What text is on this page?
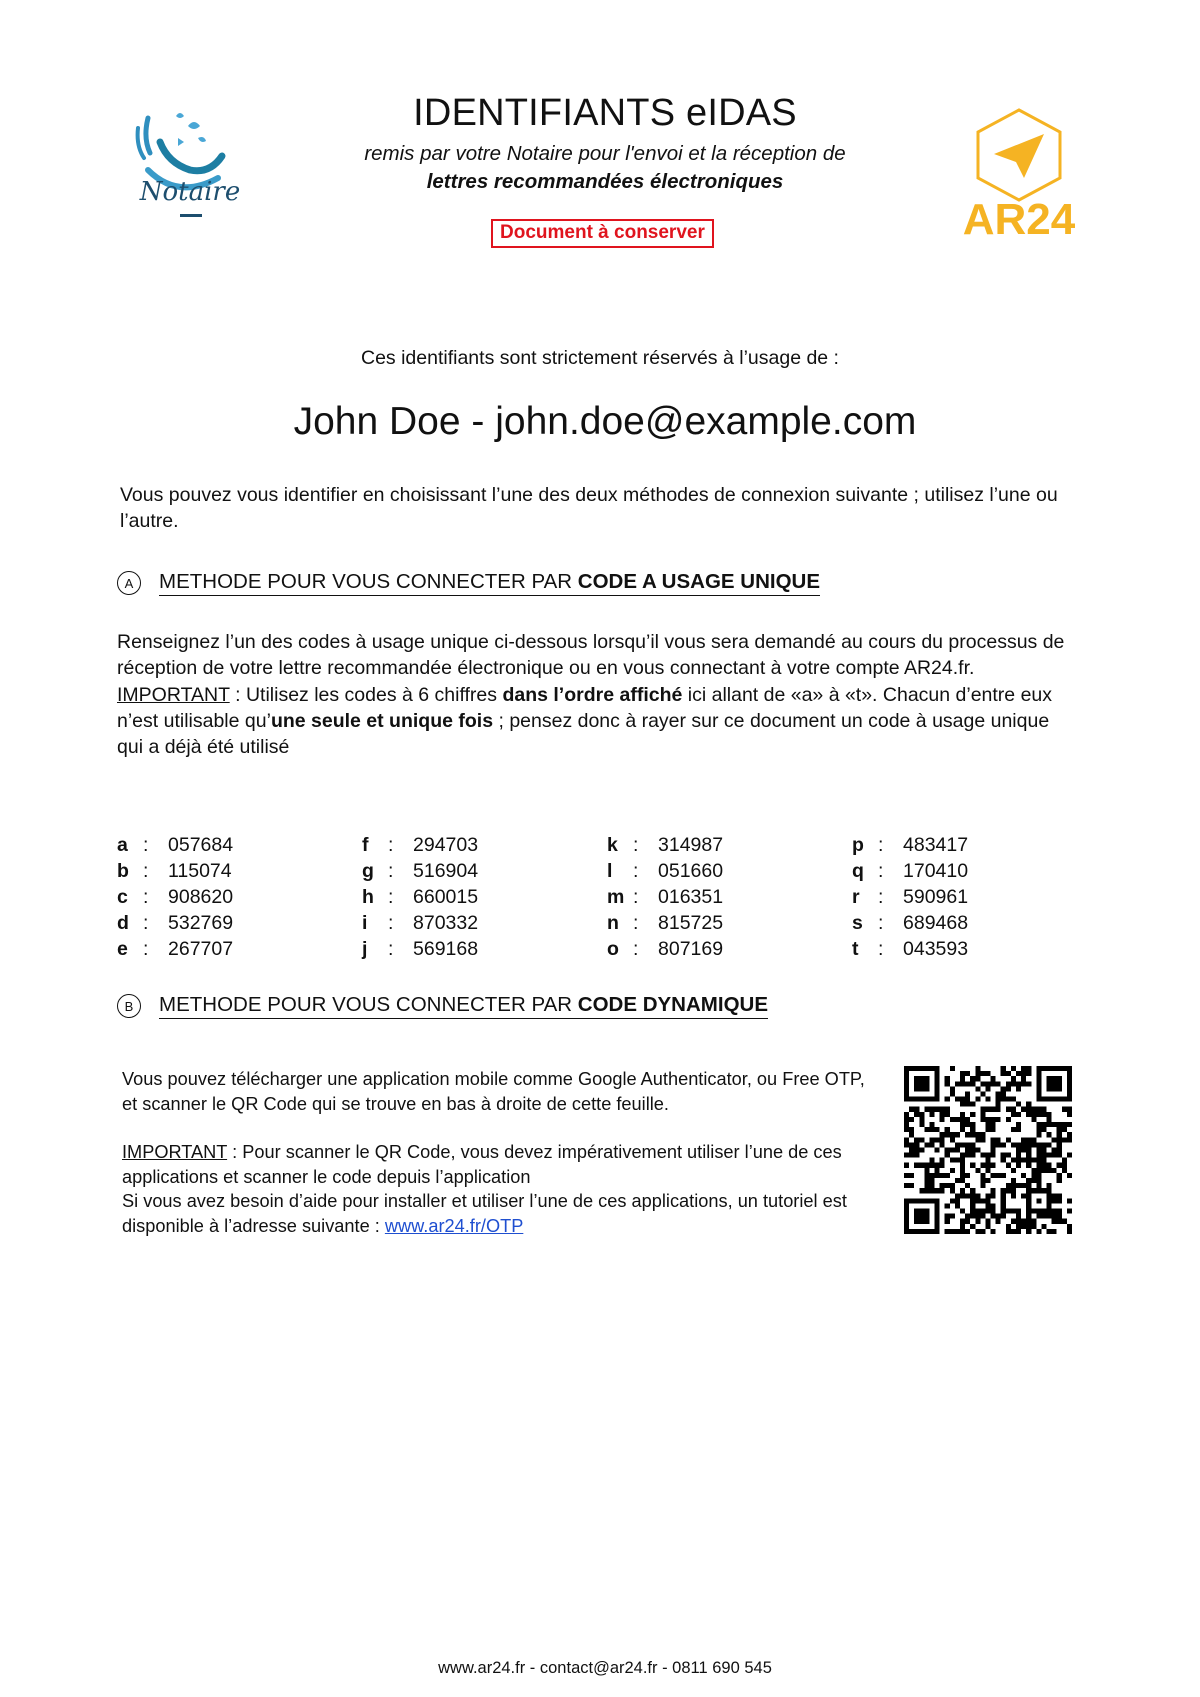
Notaire
IDENTIFIANTS eIDAS
remis par votre Notaire pour l'envoi et la réception de
lettres recommandées électroniques
Document à conserver	AR24
Ces identifiants sont strictement réservés à l’usage de :
John Doe - john.doe@example.com
Vous pouvez vous identifier en choisissant l’une des deux méthodes de connexion suivante ; utilisez l’une ou l’autre.
A	METHODE POUR VOUS CONNECTER PAR CODE A USAGE UNIQUE
Renseignez l’un des codes à usage unique ci-dessous lorsqu’il vous sera demandé au cours du processus de réception de votre lettre recommandée électronique ou en vous connectant à votre compte AR24.fr.
IMPORTANT : Utilisez les codes à 6 chiffres dans l’ordre affiché ici allant de «a» à «t». Chacun d’entre eux n’est utilisable qu’une seule et unique fois ; pensez donc à rayer sur ce document un code à usage unique qui a déjà été utilisé
a :	057684
b :	115074
c :	908620
d :	532769
e :	267707
f	:	294703
g :	516904
h :	660015
i	:	870332
j	:	569168
k :	314987
l	:	051660
m :	016351
n :	815725
o :	807169
p :	483417
q :	170410
r :	590961
s :	689468
t	:	043593
B	METHODE POUR VOUS CONNECTER PAR CODE DYNAMIQUE
Vous pouvez télécharger une application mobile comme Google Authenticator, ou Free OTP, et scanner le QR Code qui se trouve en bas à droite de cette feuille.
IMPORTANT : Pour scanner le QR Code, vous devez impérativement utiliser l’une de ces applications et scanner le code depuis l’application
Si vous avez besoin d’aide pour installer et utiliser l’une de ces applications, un tutoriel est disponible à l’adresse suivante : www.ar24.fr/OTP
www.ar24.fr - contact@ar24.fr - 0811 690 545
